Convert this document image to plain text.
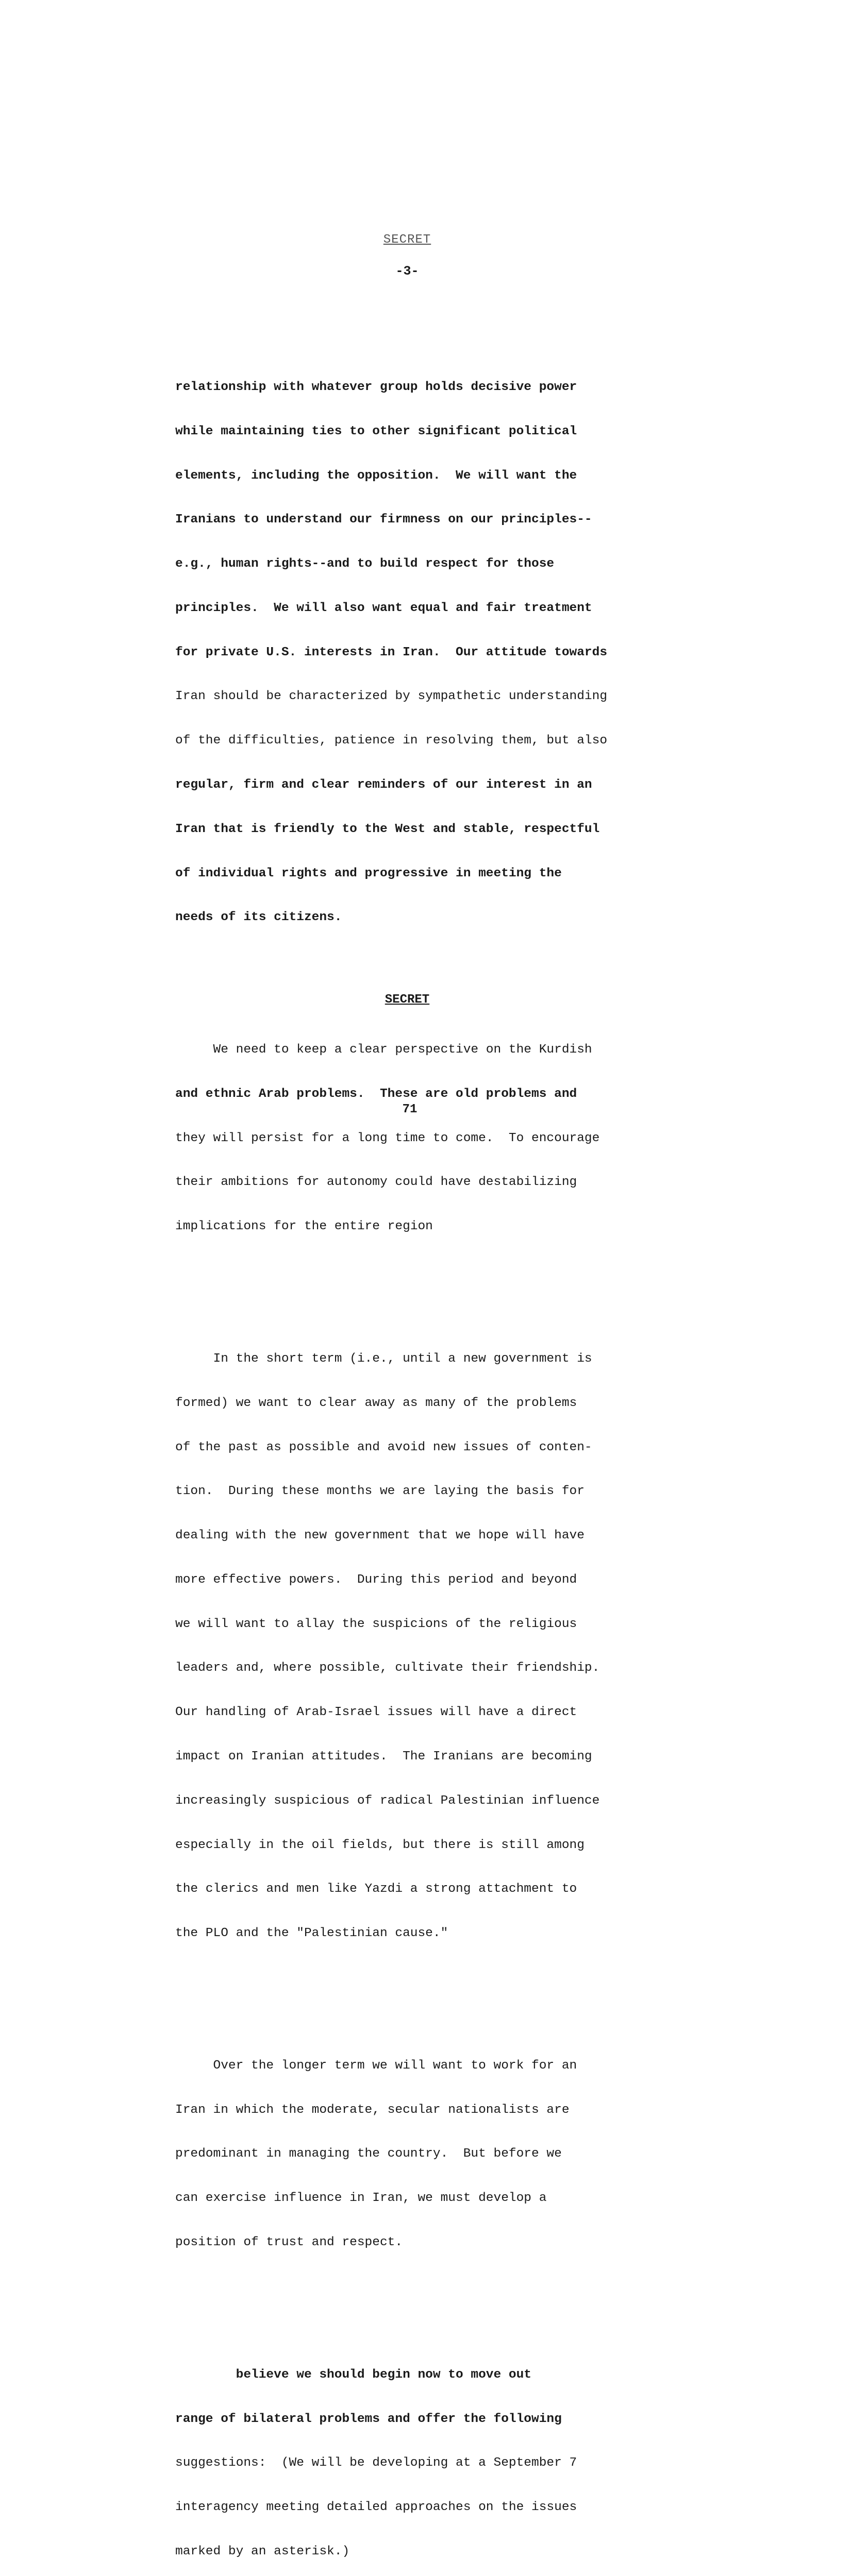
SECRET
-3-

relationship with whatever group holds decisive power

while maintaining ties to other significant political

elements, including the opposition.  We will want the

Iranians to understand our firmness on our principles--

e.g., human rights--and to build respect for those

principles.  We will also want equal and fair treatment

for private U.S. interests in Iran.  Our attitude towards

Iran should be characterized by sympathetic understanding

of the difficulties, patience in resolving them, but also

regular, firm and clear reminders of our interest in an

Iran that is friendly to the West and stable, respectful

of individual rights and progressive in meeting the

needs of its citizens.

We need to keep a clear perspective on the Kurdish

and ethnic Arab problems.  These are old problems and

they will persist for a long time to come.  To encourage

their ambitions for autonomy could have destabilizing

implications for the entire region

In the short term (i.e., until a new government is

formed) we want to clear away as many of the problems

of the past as possible and avoid new issues of conten-

tion.  During these months we are laying the basis for

dealing with the new government that we hope will have

more effective powers.  During this period and beyond

we will want to allay the suspicions of the religious

leaders and, where possible, cultivate their friendship.

Our handling of Arab-Israel issues will have a direct

impact on Iranian attitudes.  The Iranians are becoming

increasingly suspicious of radical Palestinian influence

especially in the oil fields, but there is still among

the clerics and men like Yazdi a strong attachment to

the PLO and the "Palestinian cause."

Over the longer term we will want to work for an

Iran in which the moderate, secular nationalists are

predominant in managing the country.  But before we

can exercise influence in Iran, we must develop a

position of trust and respect.

believe we should begin now to move out

range of bilateral problems and offer the following

suggestions:  (We will be developing at a September 7

interagency meeting detailed approaches on the issues

marked by an asterisk.)

SECRET
71
